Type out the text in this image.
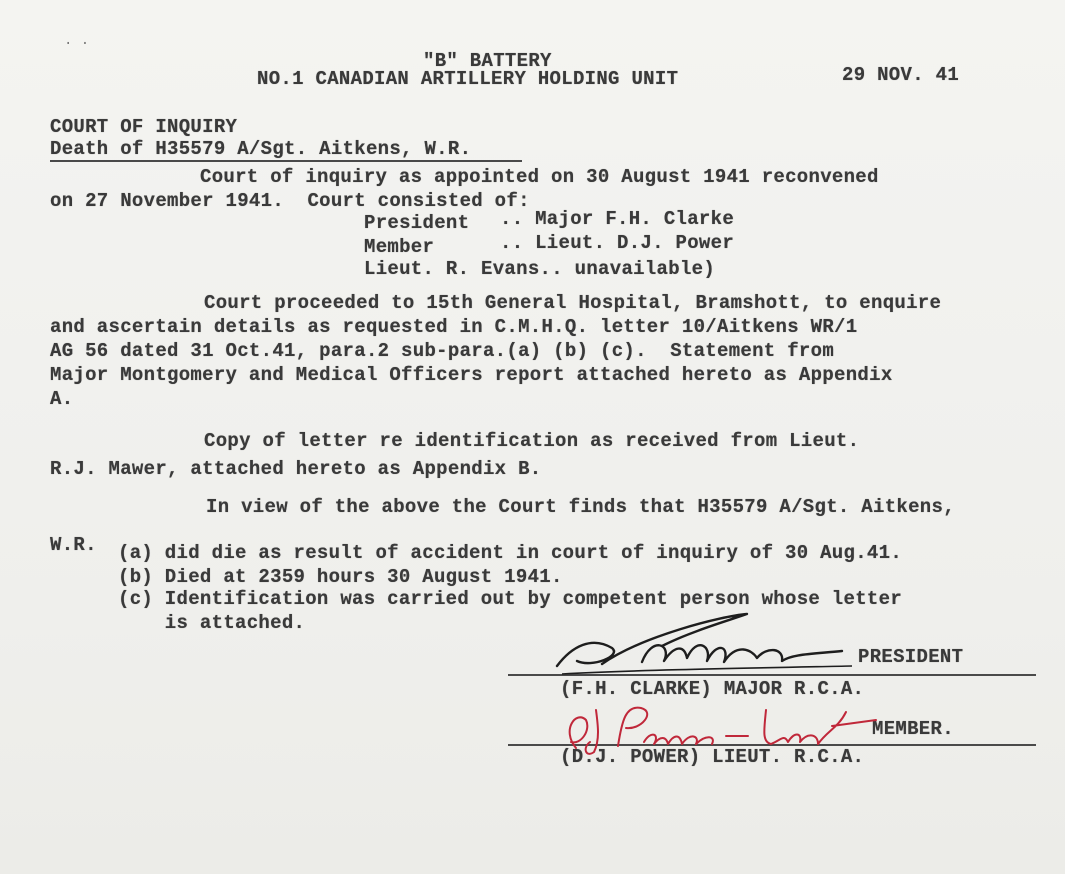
· ·
"B" BATTERY
NO.1 CANADIAN ARTILLERY HOLDING UNIT	29 NOV. 41
COURT OF INQUIRY
Death of H35579 A/Sgt. Aitkens, W.R.
Court of inquiry as appointed on 30 August 1941 reconvened
on 27 November 1941.  Court consisted of:
President .. Major F.H. Clarke
Member	.. Lieut. D.J. Power
Lieut. R. Evans.. unavailable)
Court proceeded to 15th General Hospital, Bramshott, to enquire
and ascertain details as requested in C.M.H.Q. letter 10/Aitkens WR/1
AG 56 dated 31 Oct.41, para.2 sub-para.(a) (b) (c).  Statement from
Major Montgomery and Medical Officers report attached hereto as Appendix
A.
Copy of letter re identification as received from Lieut.
R.J. Mawer, attached hereto as Appendix B.
In view of the above the Court finds that H35579 A/Sgt. Aitkens,
W.R. (a) did die as result of accident in court of inquiry of 30 Aug.41.
(b) Died at 2359 hours 30 August 1941.
(c) Identification was carried out by competent person whose letter
is attached.
PRESIDENT
(F.H. CLARKE) MAJOR R.C.A.
MEMBER.
(D.J. POWER) LIEUT. R.C.A.
